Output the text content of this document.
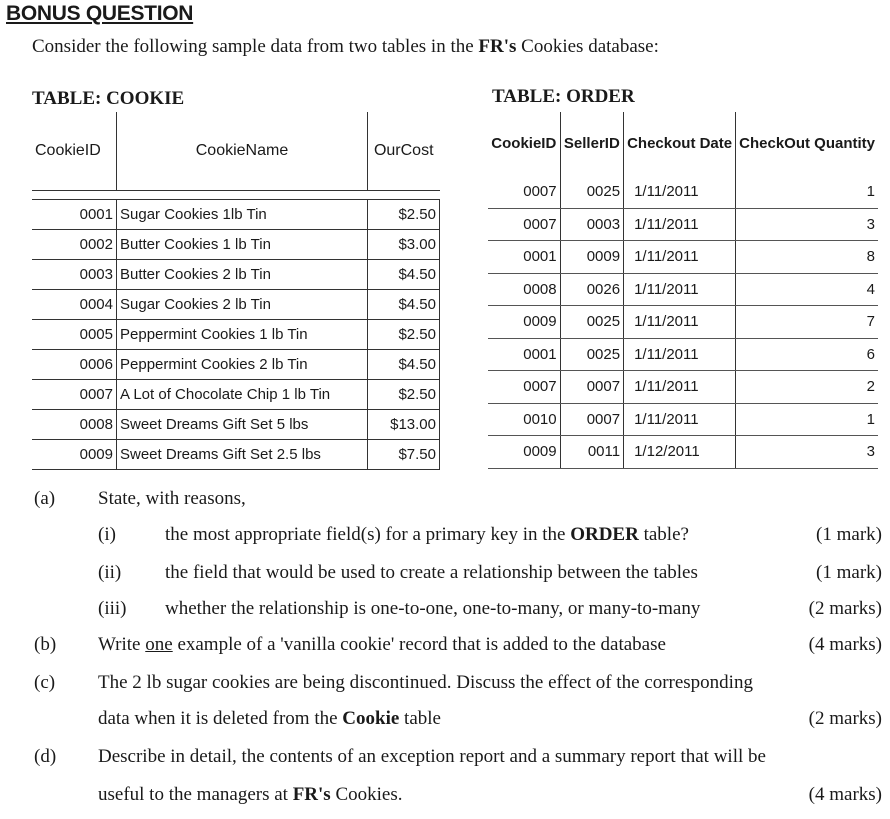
BONUS QUESTION
Consider the following sample data from two tables in the FR's Cookies database:
TABLE: COOKIE	TABLE: ORDER
CookieID	CookieName	OurCost

0001	Sugar Cookies 1lb Tin	$2.50
0002	Butter Cookies 1 lb Tin	$3.00
0003	Butter Cookies 2 lb Tin	$4.50
0004	Sugar Cookies 2 lb Tin	$4.50
0005	Peppermint Cookies 1 lb Tin	$2.50
0006	Peppermint Cookies 2 lb Tin	$4.50
0007	A Lot of Chocolate Chip 1 lb Tin	$2.50
0008	Sweet Dreams Gift Set 5 lbs	$13.00
0009	Sweet Dreams Gift Set 2.5 lbs	$7.50
CookieID	SellerID	Checkout Date	CheckOut Quantity
0007	0025	1/11/2011	1
0007	0003	1/11/2011	3
0001	0009	1/11/2011	8
0008	0026	1/11/2011	4
0009	0025	1/11/2011	7
0001	0025	1/11/2011	6
0007	0007	1/11/2011	2
0010	0007	1/11/2011	1
0009	0011	1/12/2011	3
(a) State, with reasons,
(i)	the most appropriate field(s) for a primary key in the ORDER table?	(1 mark)
(ii) the field that would be used to create a relationship between the tables	(1 mark)
(iii) whether the relationship is one-to-one, one-to-many, or many-to-many	(2 marks)
(b) Write one example of a 'vanilla cookie' record that is added to the database	(4 marks)
(c) The 2 lb sugar cookies are being discontinued. Discuss the effect of the corresponding
data when it is deleted from the Cookie table	(2 marks)
(d) Describe in detail, the contents of an exception report and a summary report that will be
useful to the managers at FR's Cookies.	(4 marks)
